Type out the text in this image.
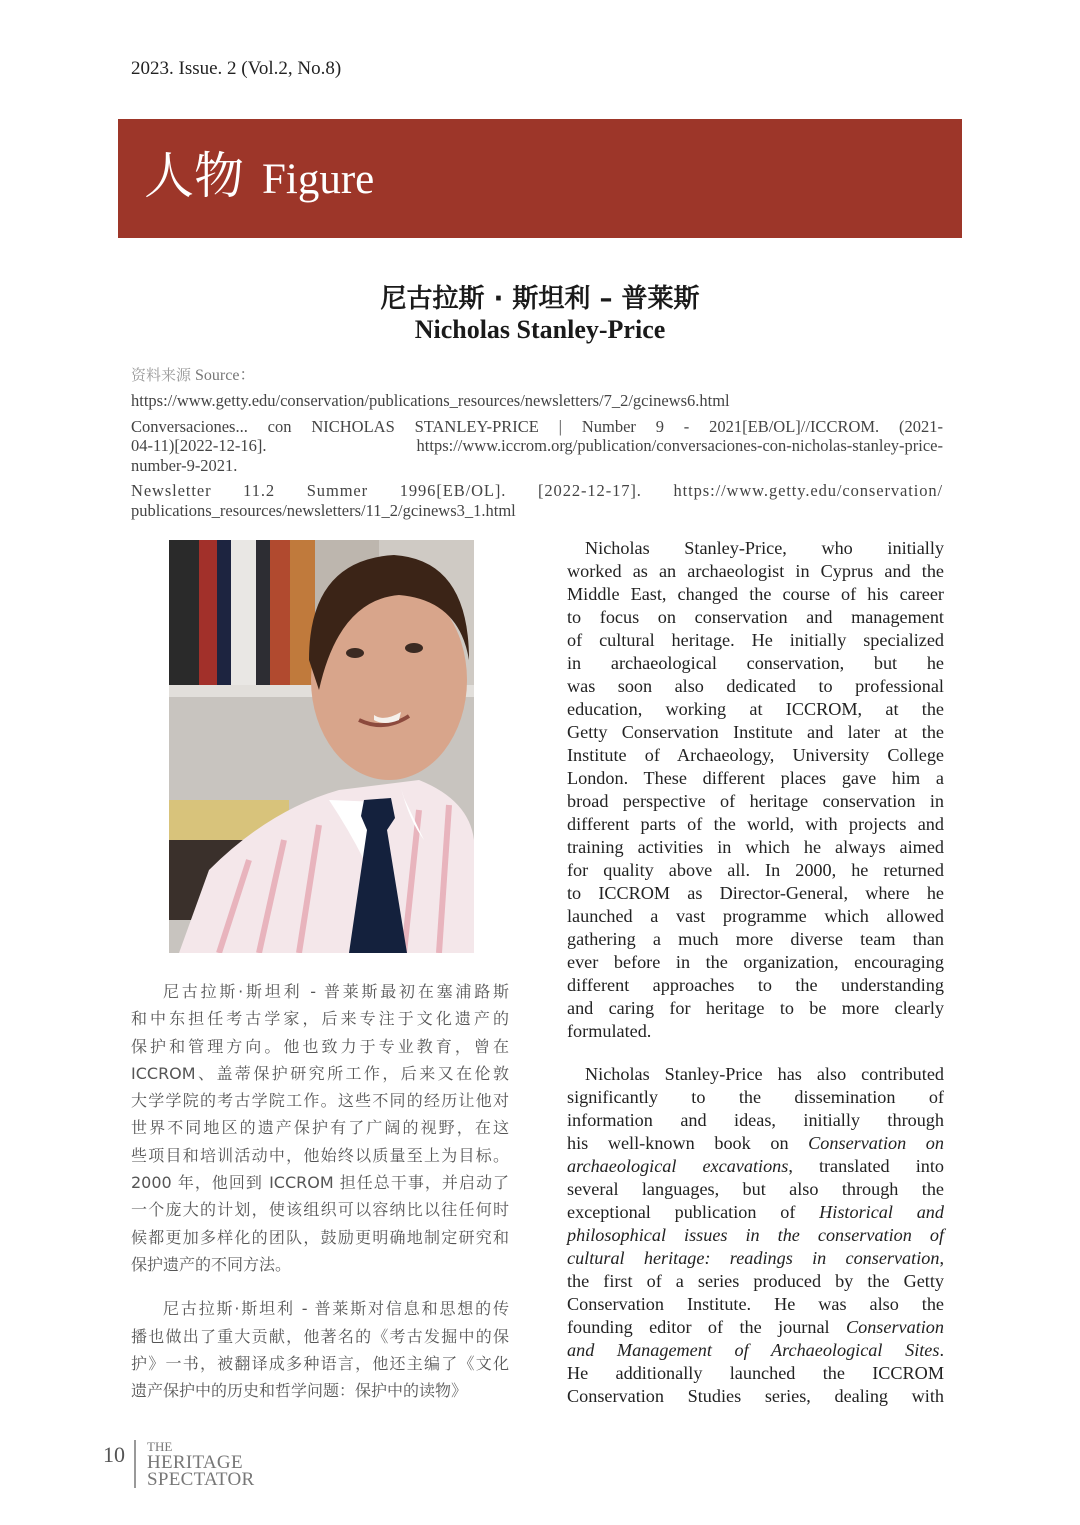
2023. Issue. 2 (Vol.2, No.8)
人物 Figure
尼古拉斯 · 斯坦利 – 普莱斯
Nicholas Stanley-Price
资料来源 Source：
https://www.getty.edu/conservation/publications_resources/newsletters/7_2/gcinews6.html
Conversaciones... con NICHOLAS STANLEY-PRICE | Number 9 - 2021[EB/OL]//ICCROM. (2021-
04-11)[2022-12-16]. https://www.iccrom.org/publication/conversaciones-con-nicholas-stanley-price-
number-9-2021.
Newsletter 11.2 Summer 1996[EB/OL]. [2022-12-17]. https://www.getty.edu/conservation/
publications_resources/newsletters/11_2/gcinews3_1.html

尼古拉斯·斯坦利 - 普莱斯最初在塞浦路斯
和中东担任考古学家，后来专注于文化遗产的
保护和管理方向。他也致力于专业教育，曾在
ICCROM、盖蒂保护研究所工作，后来又在伦敦
大学学院的考古学院工作。这些不同的经历让他对
世界不同地区的遗产保护有了广阔的视野，在这
些项目和培训活动中，他始终以质量至上为目标。
2000 年，他回到 ICCROM 担任总干事，并启动了
一个庞大的计划，使该组织可以容纳比以往任何时
候都更加多样化的团队，鼓励更明确地制定研究和
保护遗产的不同方法。

尼古拉斯·斯坦利 - 普莱斯对信息和思想的传
播也做出了重大贡献，他著名的《考古发掘中的保
护》一书，被翻译成多种语言，他还主编了《文化
遗产保护中的历史和哲学问题：保护中的读物》

Nicholas Stanley-Price, who initially
worked as an archaeologist in Cyprus and the
Middle East, changed the course of his career
to focus on conservation and management
of cultural heritage. He initially specialized
in archaeological conservation, but he
was soon also dedicated to professional
education, working at ICCROM, at the
Getty Conservation Institute and later at the
Institute of Archaeology, University College
London. These different places gave him a
broad perspective of heritage conservation in
different parts of the world, with projects and
training activities in which he always aimed
for quality above all. In 2000, he returned
to ICCROM as Director-General, where he
launched a vast programme which allowed
gathering a much more diverse team than
ever before in the organization, encouraging
different approaches to the understanding
and caring for heritage to be more clearly
formulated.

Nicholas Stanley-Price has also contributed
significantly to the dissemination of
information and ideas, initially through
his well-known book on Conservation on
archaeological excavations, translated into
several languages, but also through the
exceptional publication of Historical and
philosophical issues in the conservation of
cultural heritage: readings in conservation,
the first of a series produced by the Getty
Conservation Institute. He was also the
founding editor of the journal Conservation
and Management of Archaeological Sites.
He additionally launched the ICCROM
Conservation Studies series, dealing with

10 THE
HERITAGE
SPECTATOR
